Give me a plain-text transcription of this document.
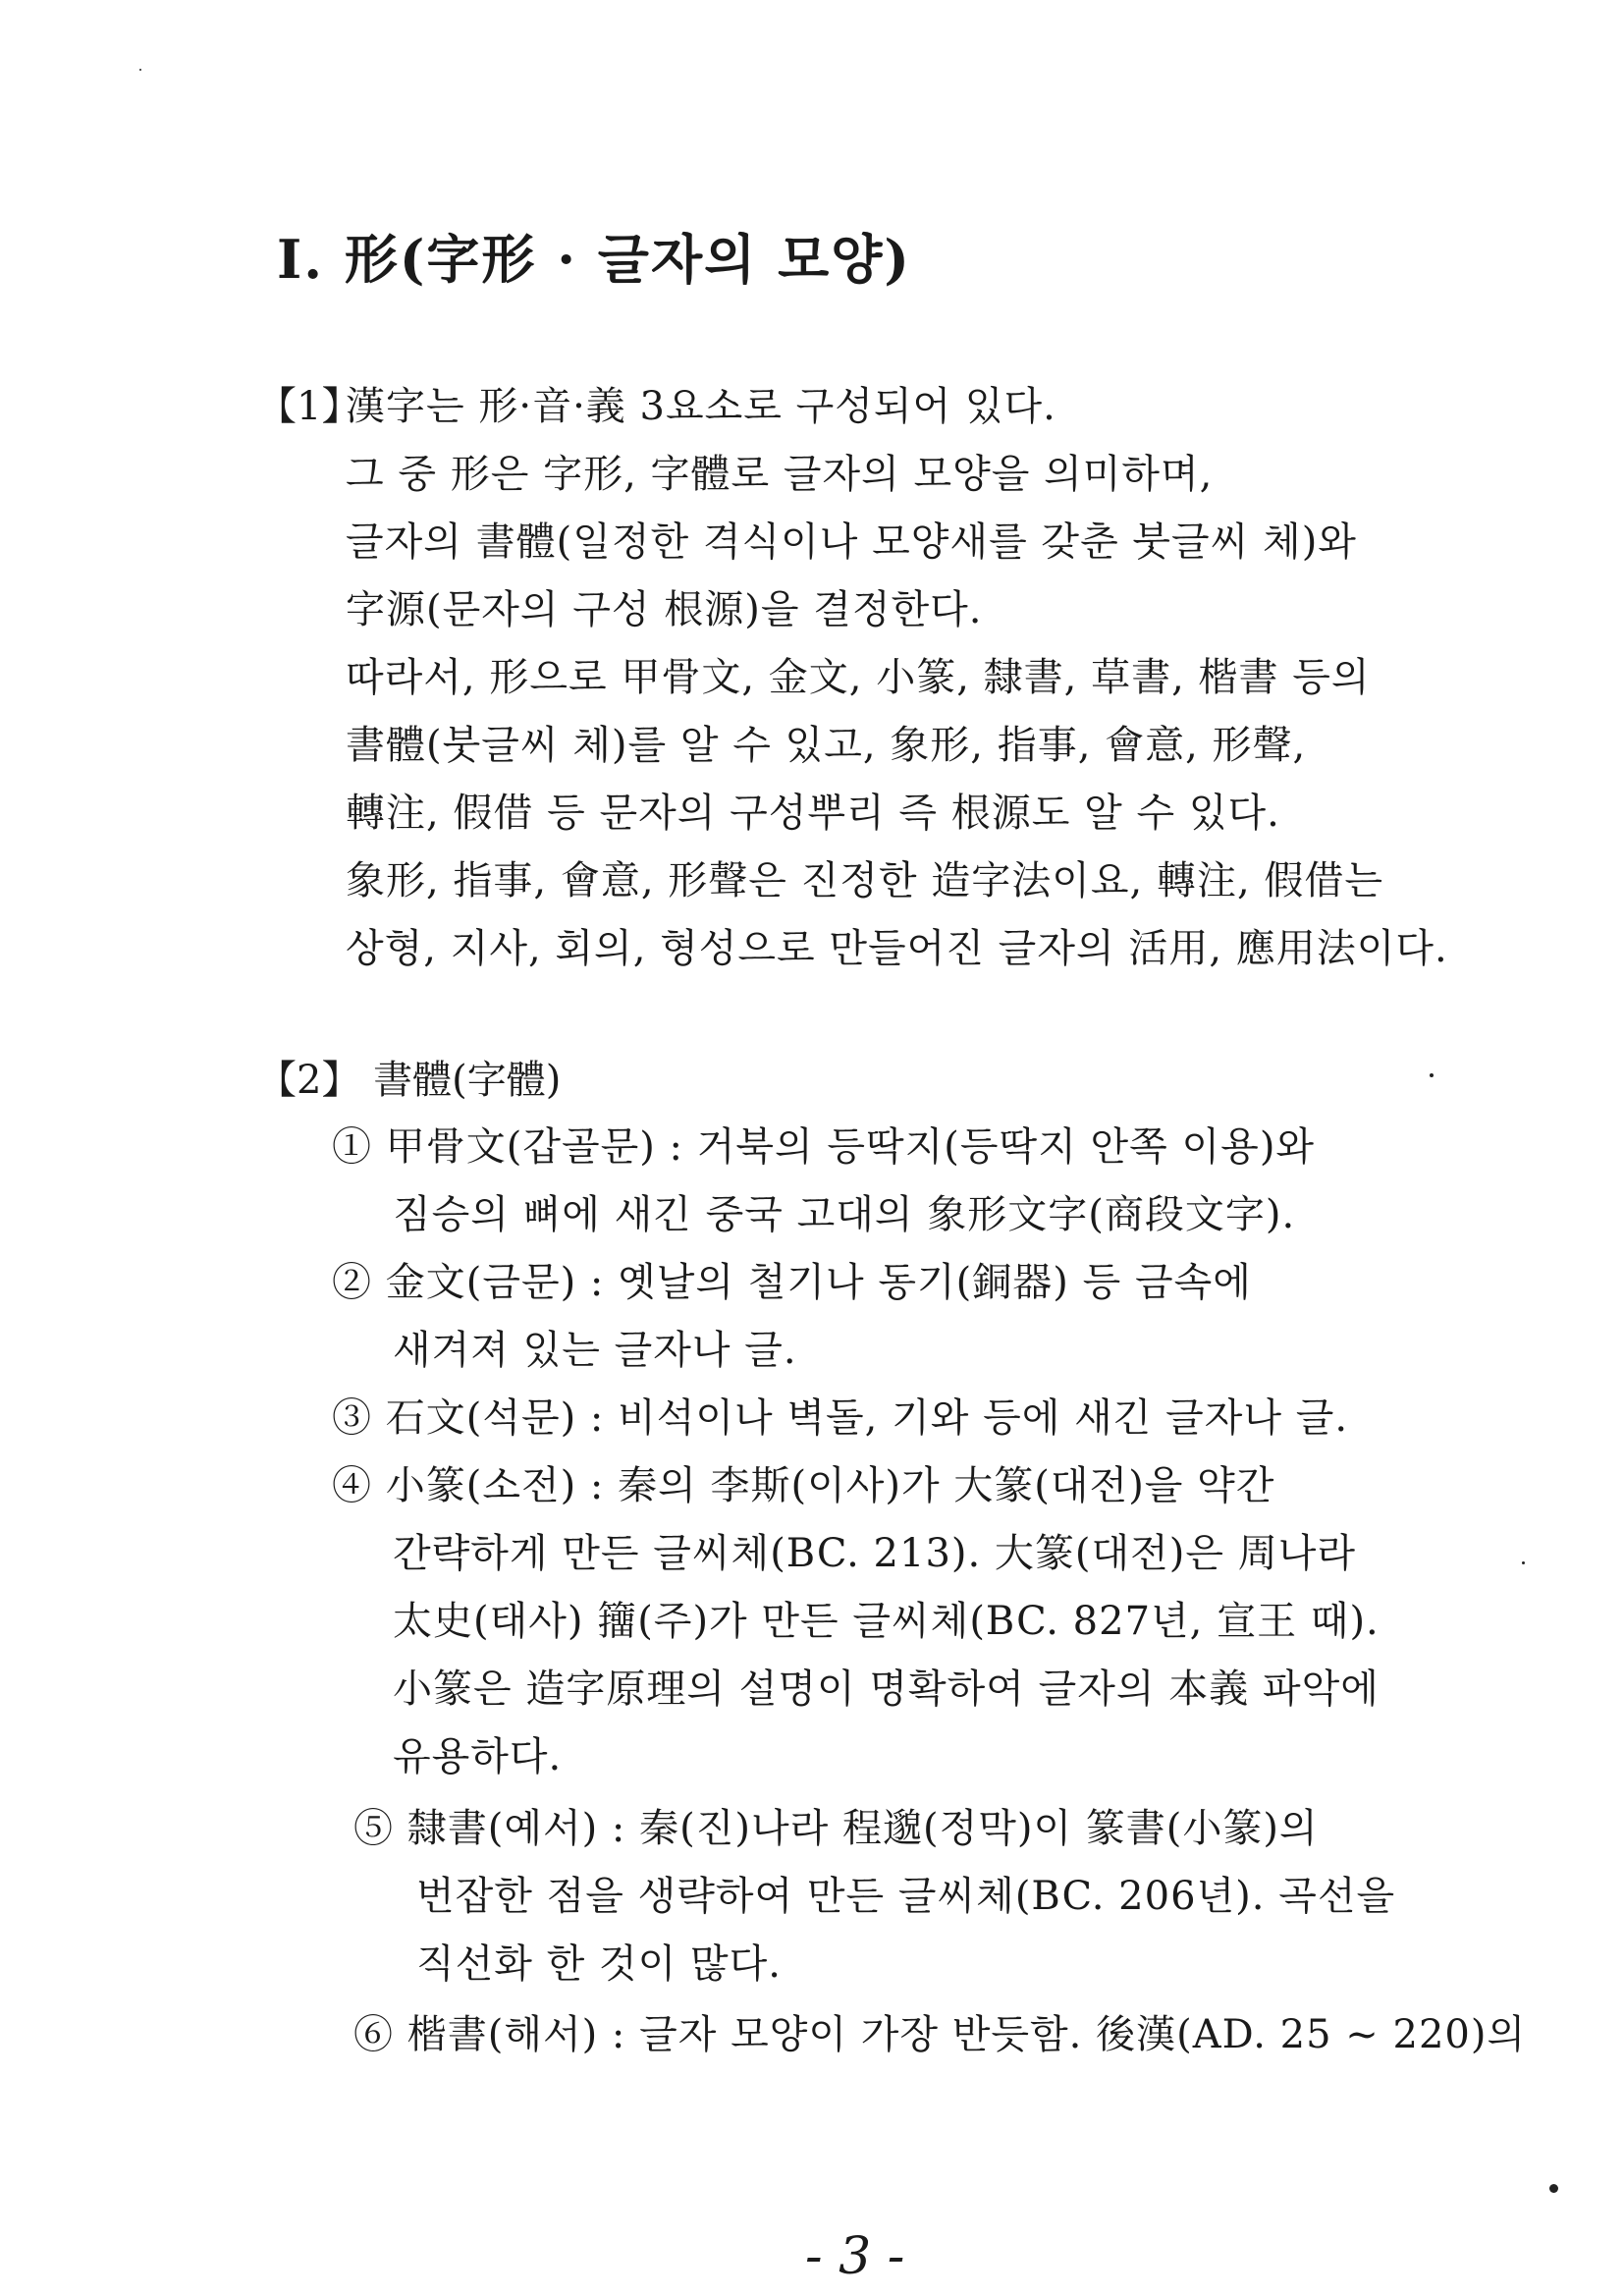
Ⅰ. 形(字形 · 글자의 모양)
【1】
漢字는 形·音·義 3요소로 구성되어 있다.
그 중 形은 字形, 字體로 글자의 모양을 의미하며,
글자의 書體(일정한 격식이나 모양새를 갖춘 붓글씨 체)와
字源(문자의 구성 根源)을 결정한다.
따라서, 形으로 甲骨文, 金文, 小篆, 隸書, 草書, 楷書 등의
書體(붓글씨 체)를 알 수 있고, 象形, 指事, 會意, 形聲,
轉注, 假借 등 문자의 구성뿌리 즉 根源도 알 수 있다.
象形, 指事, 會意, 形聲은 진정한 造字法이요, 轉注, 假借는
상형, 지사, 회의, 형성으로 만들어진 글자의 活用, 應用法이다.
【2】 書體(字體)
① 甲骨文(갑골문) : 거북의 등딱지(등딱지 안쪽 이용)와
짐승의 뼈에 새긴 중국 고대의 象形文字(商段文字).
② 金文(금문) : 옛날의 철기나 동기(銅器) 등 금속에
새겨져 있는 글자나 글.
③ 石文(석문) : 비석이나 벽돌, 기와 등에 새긴 글자나 글.
④ 小篆(소전) : 秦의 李斯(이사)가 大篆(대전)을 약간
간략하게 만든 글씨체(BC. 213). 大篆(대전)은 周나라
太史(태사) 籒(주)가 만든 글씨체(BC. 827년, 宣王 때).
小篆은 造字原理의 설명이 명확하여 글자의 本義 파악에
유용하다.
⑤ 隸書(예서) : 秦(진)나라 程邈(정막)이 篆書(小篆)의
번잡한 점을 생략하여 만든 글씨체(BC. 206년). 곡선을
직선화 한 것이 많다.
⑥ 楷書(해서) : 글자 모양이 가장 반듯함. 後漢(AD. 25 ~ 220)의
- 3 -
